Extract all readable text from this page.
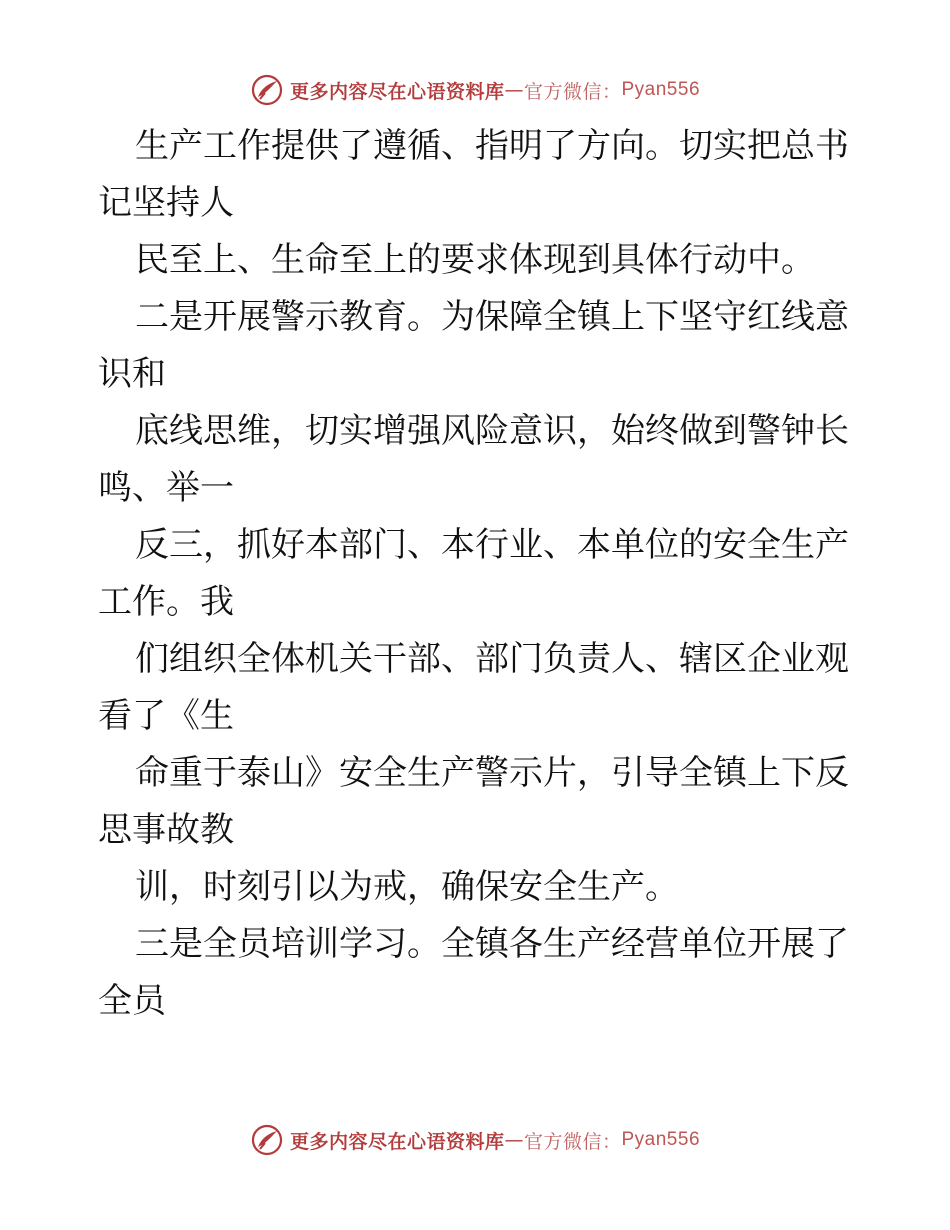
更多内容尽在心语资料库 — 官方微信： Pyan556
生产工作提供了遵循、指明了方向。切实把总书
记坚持人
民至上、生命至上的要求体现到具体行动中。
二是开展警示教育。为保障全镇上下坚守红线意
识和
底线思维，切实增强风险意识，始终做到警钟长
鸣、举一
反三，抓好本部门、本行业、本单位的安全生产
工作。我
们组织全体机关干部、部门负责人、辖区企业观
看了《生
命重于泰山》安全生产警示片，引导全镇上下反
思事故教
训，时刻引以为戒，确保安全生产。
三是全员培训学习。全镇各生产经营单位开展了
全员
更多内容尽在心语资料库 — 官方微信： Pyan556
